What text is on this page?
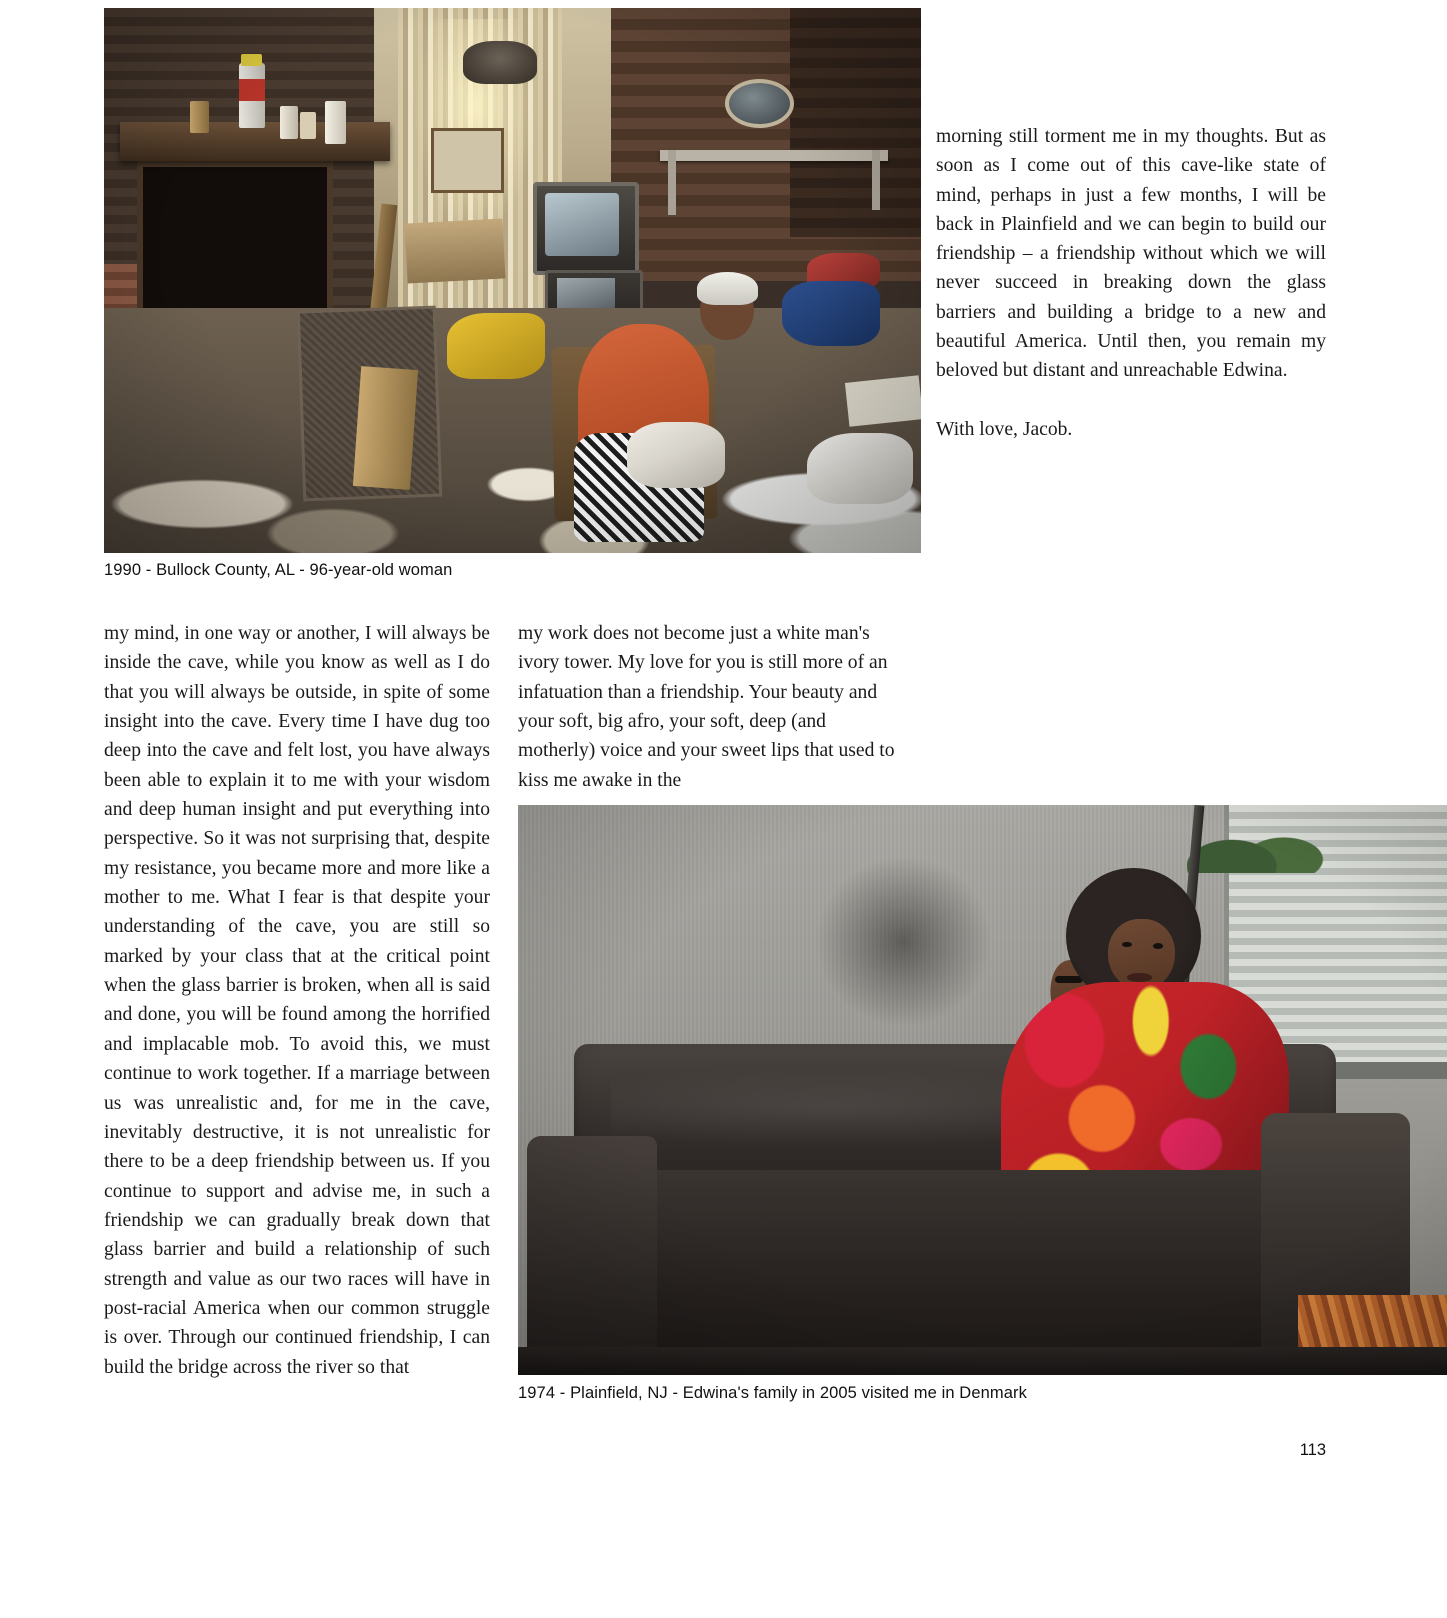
1990 - Bullock County, AL - 96-year-old woman

morning still torment me in my thoughts. But as soon as I come out of this cave-like state of mind, perhaps in just a few months, I will be back in Plainfield and we can begin to build our friendship – a friendship without which we will never succeed in breaking down the glass barriers and building a bridge to a new and beautiful America. Until then, you remain my beloved but distant and unreachable Edwina.

With love, Jacob.

my mind, in one way or another, I will always be inside the cave, while you know as well as I do that you will always be outside, in spite of some insight into the cave. Every time I have dug too deep into the cave and felt lost, you have always been able to explain it to me with your wisdom and deep human insight and put everything into perspective. So it was not surprising that, despite my resistance, you became more and more like a mother to me. What I fear is that despite your understanding of the cave, you are still so marked by your class that at the critical point when the glass barrier is broken, when all is said and done, you will be found among the horrified and implacable mob. To avoid this, we must continue to work together. If a marriage between us was unrealistic and, for me in the cave, inevitably destructive, it is not unrealistic for there to be a deep friendship between us. If you continue to support and advise me, in such a friendship we can gradually break down that glass barrier and build a relationship of such strength and value as our two races will have in post-racial America when our common struggle is over. Through our continued friendship, I can build the bridge across the river so that

my work does not become just a white man's ivory tower. My love for you is still more of an infatuation than a friendship. Your beauty and your soft, big afro, your soft, deep (and motherly) voice and your sweet lips that used to kiss me awake in the

1974 - Plainfield, NJ - Edwina's family in 2005 visited me in Denmark
113
